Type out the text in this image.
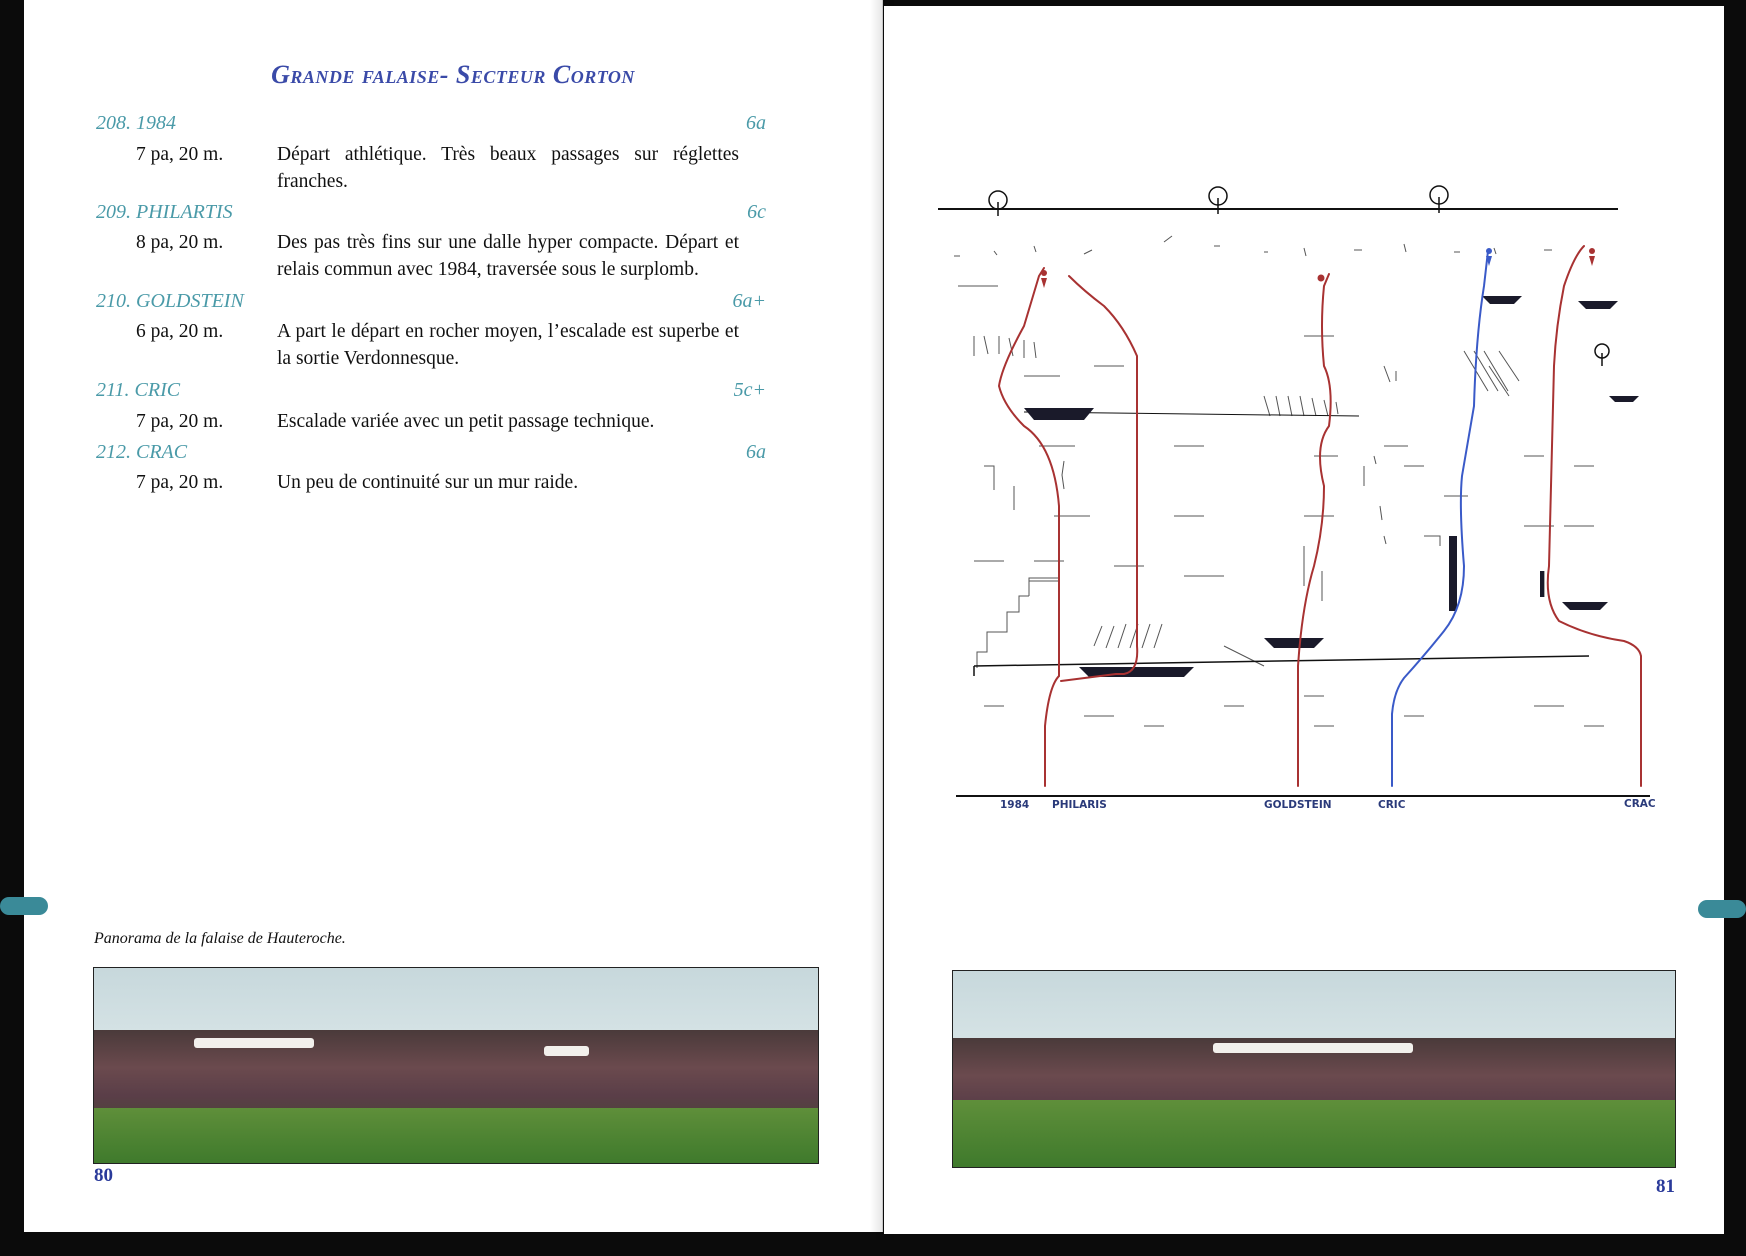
Grande falaise- Secteur Corton
208. 1984	6a
7 pa, 20 m.	Départ athlétique. Très beaux passages sur réglettes franches.
209. PHILARTIS	6c
8 pa, 20 m.	Des pas très fins sur une dalle hyper compacte. Départ et relais commun avec 1984, traversée sous le surplomb.
210. GOLDSTEIN	6a+
6 pa, 20 m.	A part le départ en rocher moyen, l’escalade est superbe et la sortie Verdonnesque.
211. CRIC	5c+
7 pa, 20 m.	Escalade variée avec un petit passage technique.
212. CRAC	6a
7 pa, 20 m.	Un peu de continuité sur un mur raide.
Panorama de la falaise de Hauteroche.
80
1984 PHILARIS	GOLDSTEIN	CRIC	CRAC
81
